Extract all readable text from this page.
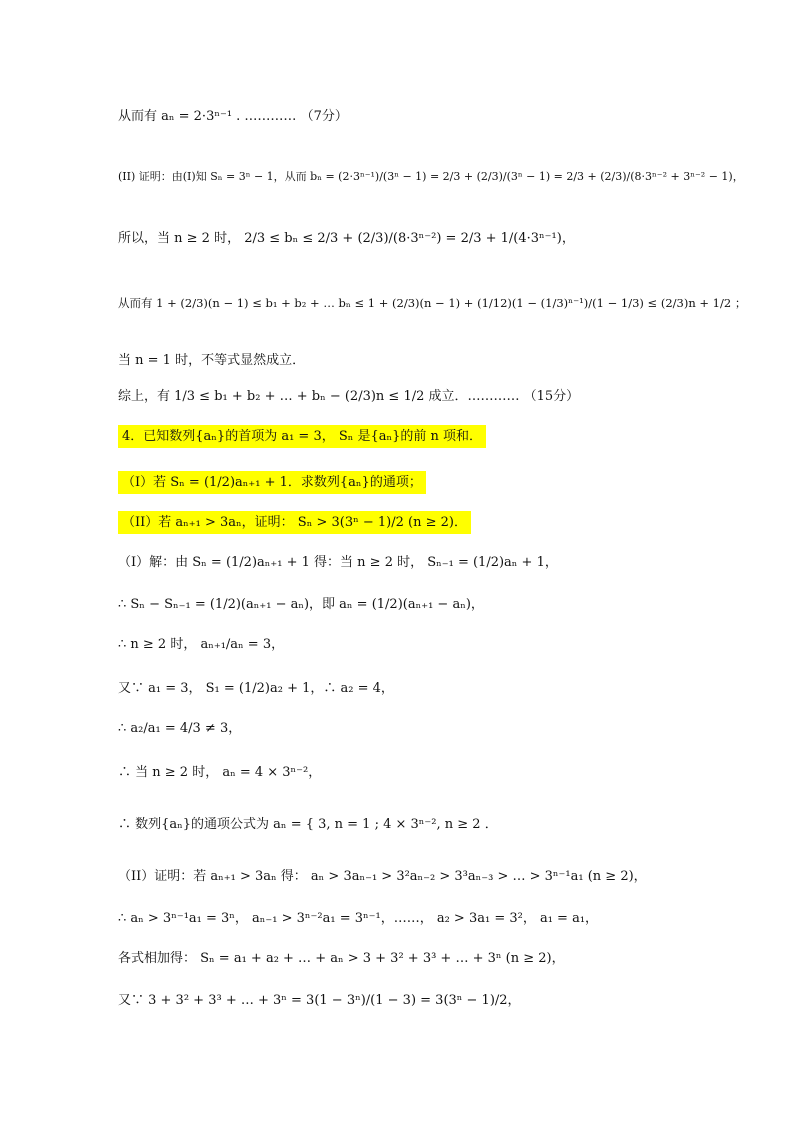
从而有 aₙ = 2·3ⁿ⁻¹ . ………… （7分）
(II) 证明：由(I)知 Sₙ = 3ⁿ − 1，从而 bₙ = (2·3ⁿ⁻¹)/(3ⁿ − 1) = 2/3 + (2/3)/(3ⁿ − 1) = 2/3 + (2/3)/(8·3ⁿ⁻² + 3ⁿ⁻² − 1)，
所以，当 n ≥ 2 时， 2/3 ≤ bₙ ≤ 2/3 + (2/3)/(8·3ⁿ⁻²) = 2/3 + 1/(4·3ⁿ⁻¹)，
从而有 1 + (2/3)(n − 1) ≤ b₁ + b₂ + … bₙ ≤ 1 + (2/3)(n − 1) + (1/12)(1 − (1/3)ⁿ⁻¹)/(1 − 1/3) ≤ (2/3)n + 1/2 ；
当 n = 1 时，不等式显然成立．
综上，有 1/3 ≤ b₁ + b₂ + … + bₙ − (2/3)n ≤ 1/2 成立．………… （15分）
4．已知数列{aₙ}的首项为 a₁ = 3， Sₙ 是{aₙ}的前 n 项和．
（I）若 Sₙ = (1/2)aₙ₊₁ + 1．求数列{aₙ}的通项；
（II）若 aₙ₊₁ > 3aₙ，证明： Sₙ > 3(3ⁿ − 1)/2 (n ≥ 2)．
（I）解：由 Sₙ = (1/2)aₙ₊₁ + 1 得：当 n ≥ 2 时， Sₙ₋₁ = (1/2)aₙ + 1，
∴ Sₙ − Sₙ₋₁ = (1/2)(aₙ₊₁ − aₙ)，即 aₙ = (1/2)(aₙ₊₁ − aₙ)，
∴ n ≥ 2 时， aₙ₊₁/aₙ = 3，
又∵ a₁ = 3， S₁ = (1/2)a₂ + 1，∴ a₂ = 4，
∴ a₂/a₁ = 4/3 ≠ 3，
∴ 当 n ≥ 2 时， aₙ = 4 × 3ⁿ⁻²，
∴ 数列{aₙ}的通项公式为 aₙ = { 3, n = 1 ; 4 × 3ⁿ⁻², n ≥ 2 ．
（II）证明：若 aₙ₊₁ > 3aₙ 得： aₙ > 3aₙ₋₁ > 3²aₙ₋₂ > 3³aₙ₋₃ > … > 3ⁿ⁻¹a₁ (n ≥ 2)，
∴ aₙ > 3ⁿ⁻¹a₁ = 3ⁿ， aₙ₋₁ > 3ⁿ⁻²a₁ = 3ⁿ⁻¹，……， a₂ > 3a₁ = 3²， a₁ = a₁，
各式相加得： Sₙ = a₁ + a₂ + … + aₙ > 3 + 3² + 3³ + … + 3ⁿ (n ≥ 2)，
又∵ 3 + 3² + 3³ + … + 3ⁿ = 3(1 − 3ⁿ)/(1 − 3) = 3(3ⁿ − 1)/2，
